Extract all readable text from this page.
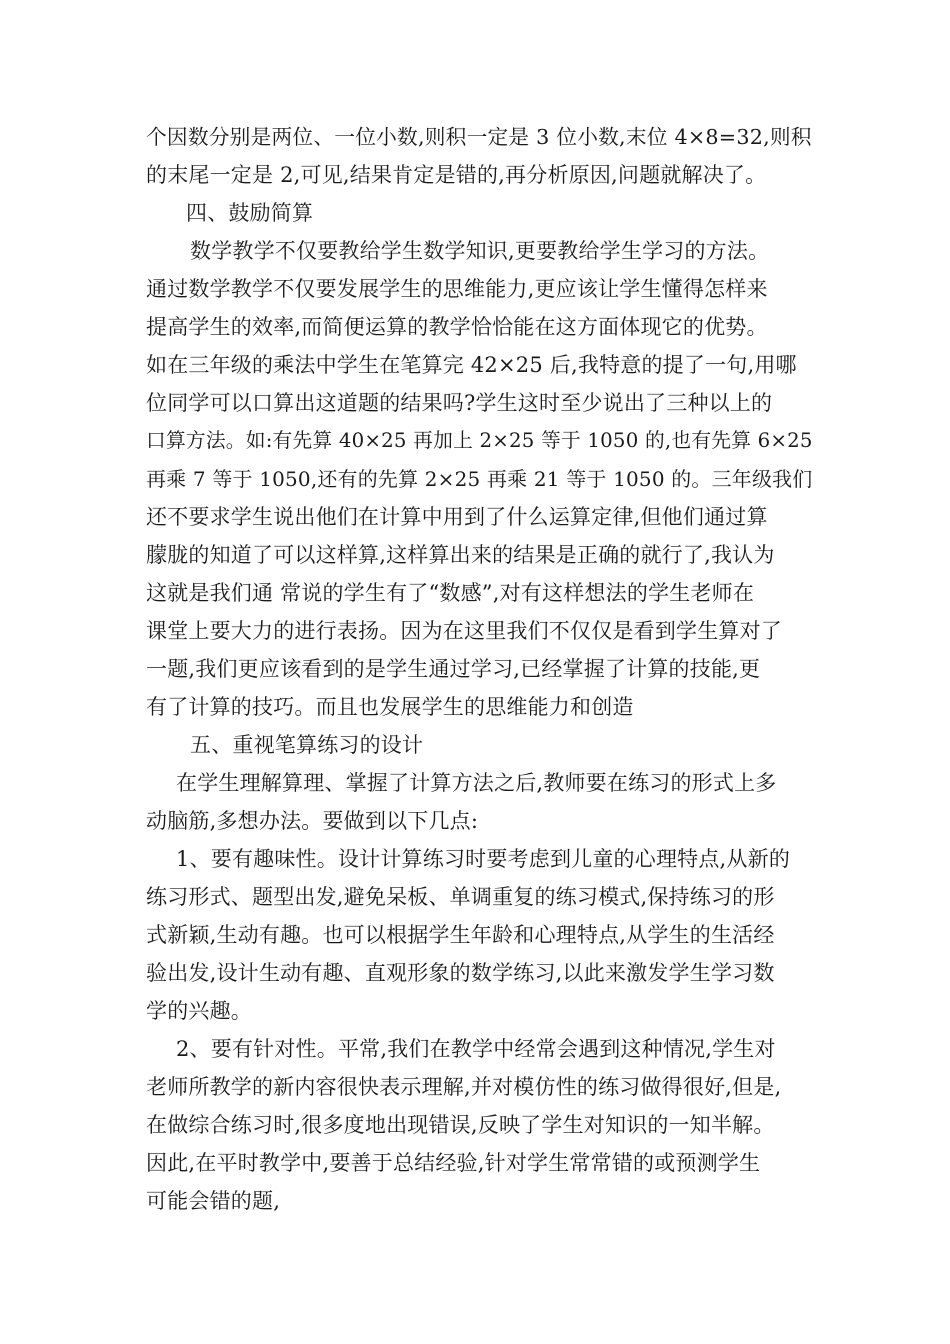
个因数分别是两位、一位小数,则积一定是 3 位小数,末位 4×8=32,则积
的末尾一定是 2,可见,结果肯定是错的,再分析原因,问题就解决了。
四、鼓励简算
数学教学不仅要教给学生数学知识,更要教给学生学习的方法。
通过数学教学不仅要发展学生的思维能力,更应该让学生懂得怎样来
提高学生的效率,而简便运算的教学恰恰能在这方面体现它的优势。
如在三年级的乘法中学生在笔算完 42×25 后,我特意的提了一句,用哪
位同学可以口算出这道题的结果吗?学生这时至少说出了三种以上的
口算方法。如:有先算 40×25 再加上 2×25 等于 1050 的,也有先算 6×25
再乘 7 等于 1050,还有的先算 2×25 再乘 21 等于 1050 的。三年级我们
还不要求学生说出他们在计算中用到了什么运算定律,但他们通过算
朦胧的知道了可以这样算,这样算出来的结果是正确的就行了,我认为
这就是我们通 常说的学生有了“数感”,对有这样想法的学生老师在
课堂上要大力的进行表扬。因为在这里我们不仅仅是看到学生算对了
一题,我们更应该看到的是学生通过学习,已经掌握了计算的技能,更
有了计算的技巧。而且也发展学生的思维能力和创造
五、重视笔算练习的设计
在学生理解算理、掌握了计算方法之后,教师要在练习的形式上多
动脑筋,多想办法。要做到以下几点:
1、要有趣味性。设计计算练习时要考虑到儿童的心理特点,从新的
练习形式、题型出发,避免呆板、单调重复的练习模式,保持练习的形
式新颖,生动有趣。也可以根据学生年龄和心理特点,从学生的生活经
验出发,设计生动有趣、直观形象的数学练习,以此来激发学生学习数
学的兴趣。
2、要有针对性。平常,我们在教学中经常会遇到这种情况,学生对
老师所教学的新内容很快表示理解,并对模仿性的练习做得很好,但是,
在做综合练习时,很多度地出现错误,反映了学生对知识的一知半解。
因此,在平时教学中,要善于总结经验,针对学生常常错的或预测学生
可能会错的题,
